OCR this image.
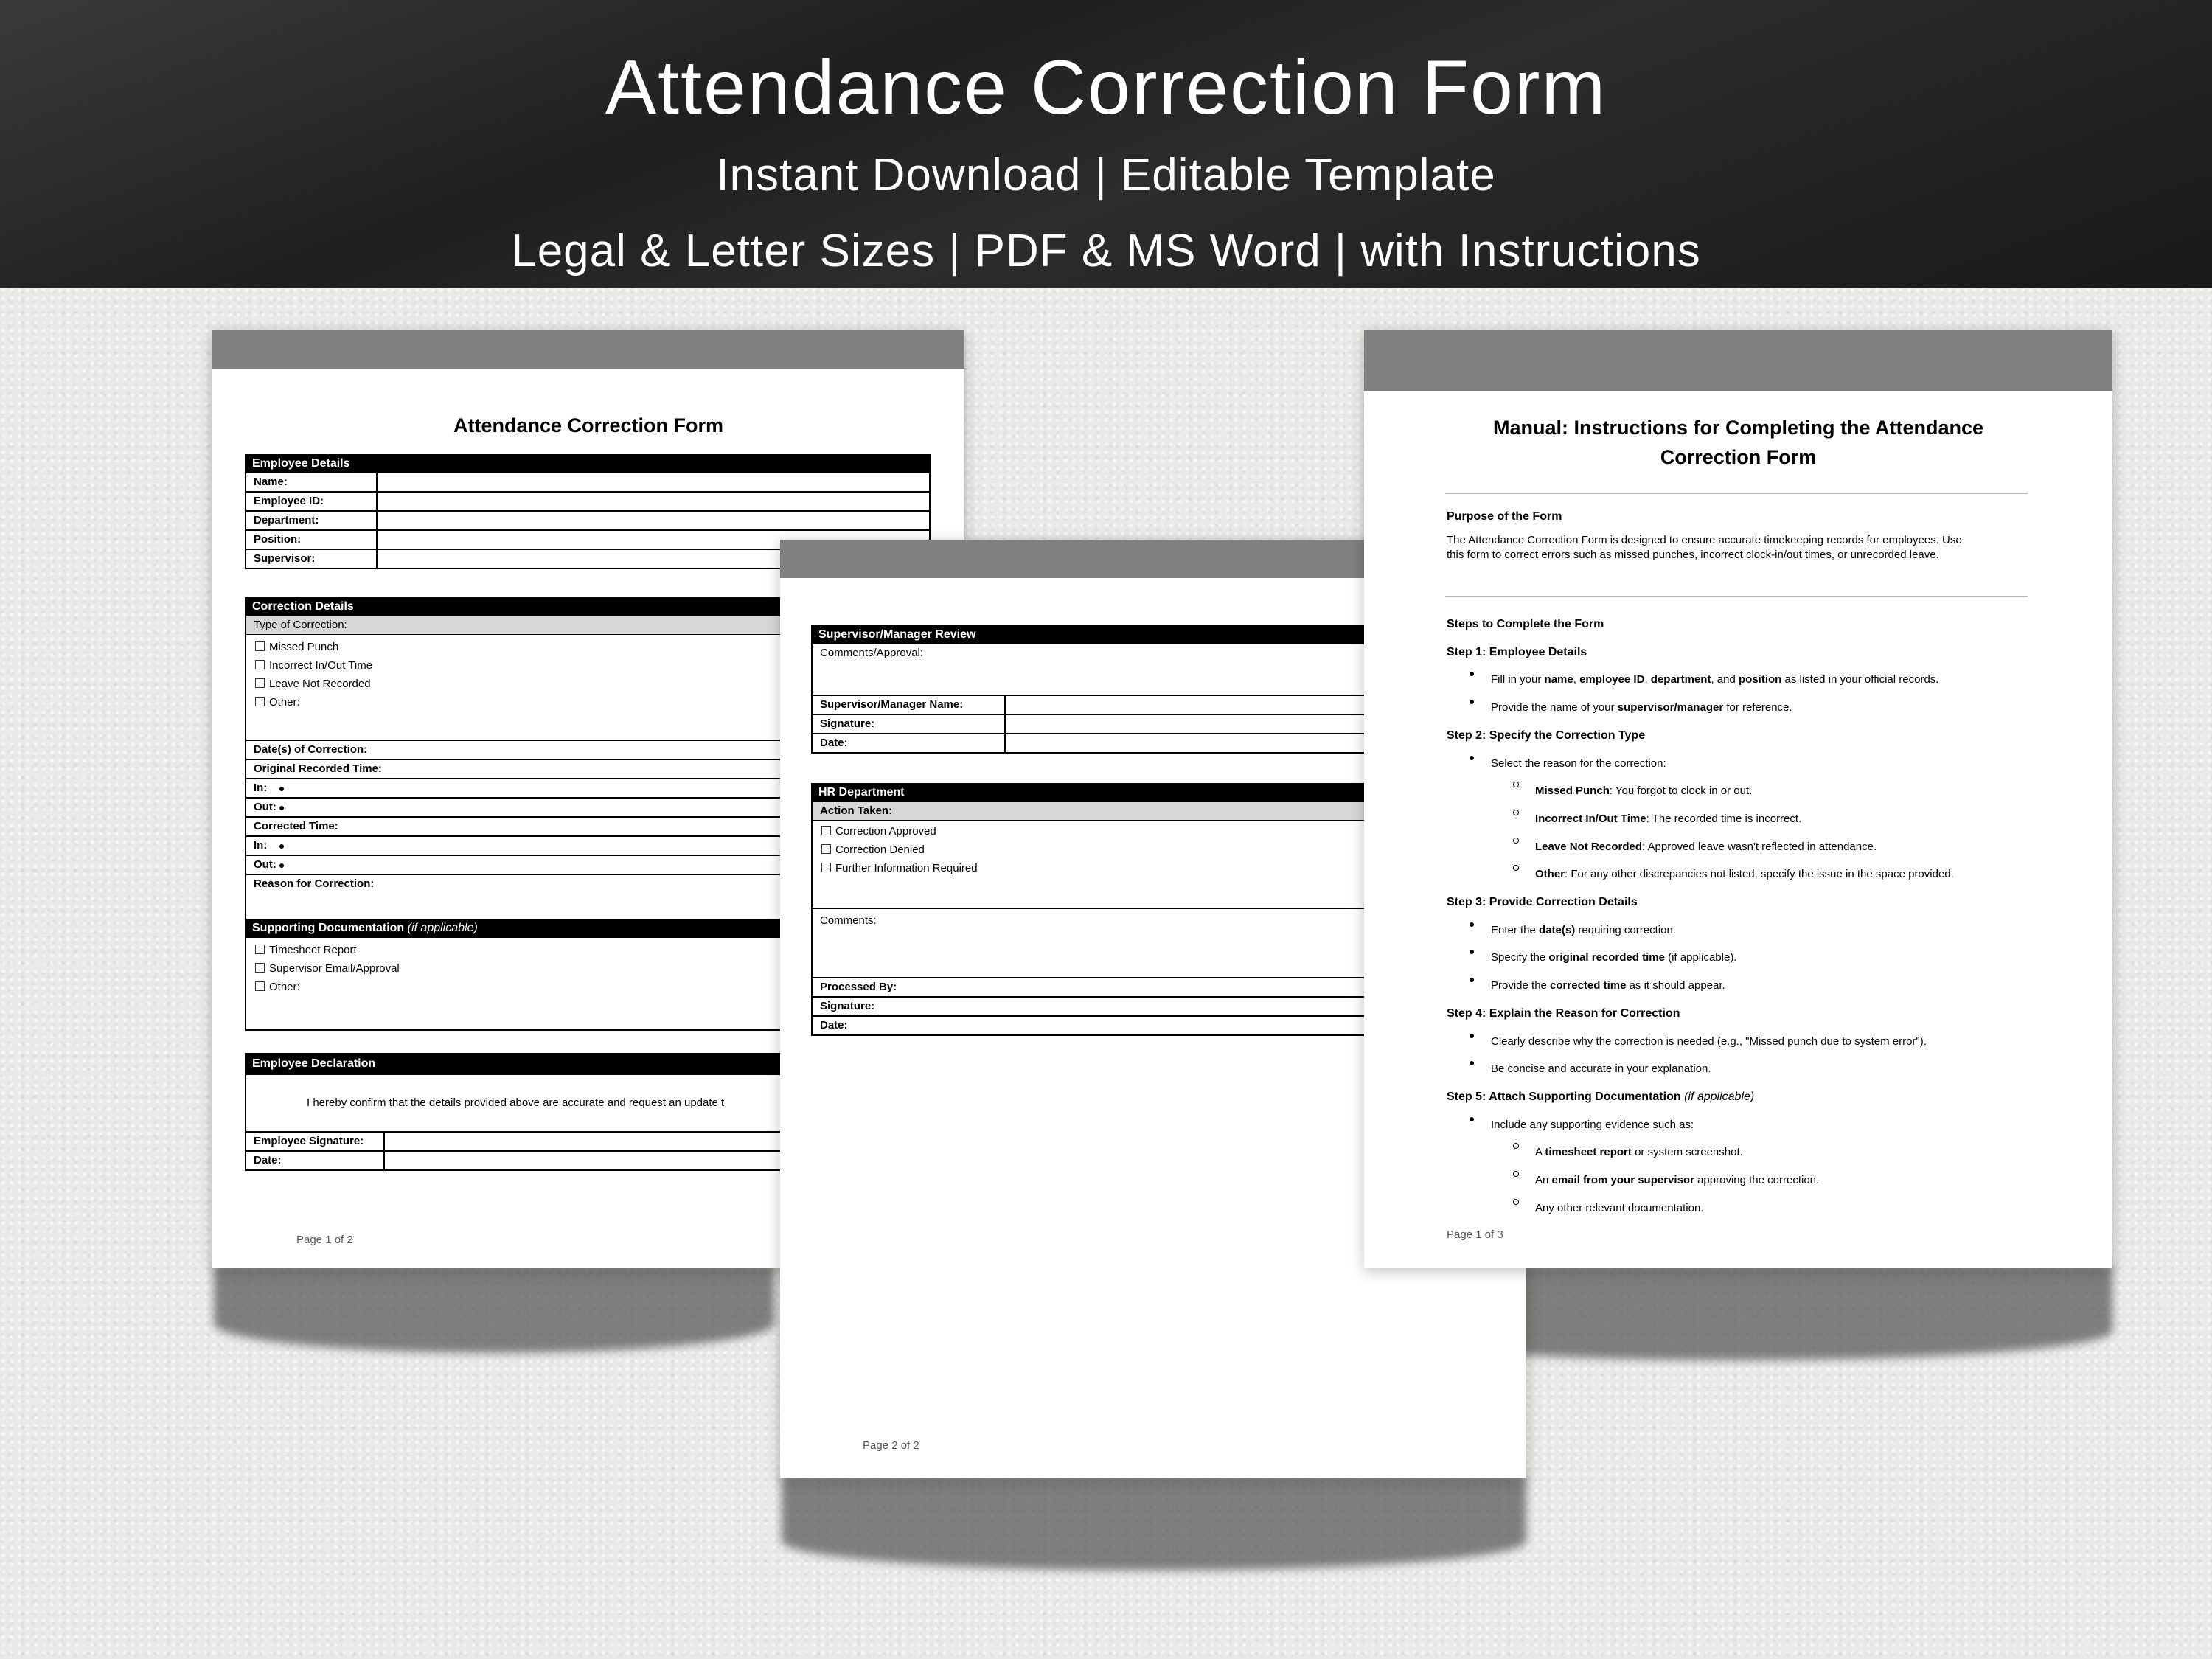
Attendance Correction Form
Instant Download | Editable Template
Legal & Letter Sizes | PDF & MS Word | with Instructions
Attendance Correction Form
Employee Details
Name:
Employee ID:
Department:
Position:
Supervisor:
Correction Details
Type of Correction:
Missed Punch
Incorrect In/Out Time
Leave Not Recorded
Other:
Date(s) of Correction:
Original Recorded Time:
In:
Out:
Corrected Time:
In:
Out:
Reason for Correction:
Supporting Documentation (if applicable)
Timesheet Report
Supervisor Email/Approval
Other:
Employee Declaration
I hereby confirm that the details provided above are accurate and request an update t
Employee Signature:
Date:
Page 1 of 2
Supervisor/Manager Review
Comments/Approval:
Supervisor/Manager Name:
Signature:
Date:
HR Department
Action Taken:
Correction Approved
Correction Denied
Further Information Required
Comments:
Processed By:
Signature:
Date:
Page 2 of 2
Manual: Instructions for Completing the Attendance
Correction Form
Purpose of the Form
The Attendance Correction Form is designed to ensure accurate timekeeping records for employees. Use
this form to correct errors such as missed punches, incorrect clock-in/out times, or unrecorded leave.
Steps to Complete the Form
Step 1: Employee Details
Fill in your name, employee ID, department, and position as listed in your official records.
Provide the name of your supervisor/manager for reference.
Step 2: Specify the Correction Type
Select the reason for the correction:
Missed Punch: You forgot to clock in or out.
Incorrect In/Out Time: The recorded time is incorrect.
Leave Not Recorded: Approved leave wasn't reflected in attendance.
Other: For any other discrepancies not listed, specify the issue in the space provided.
Step 3: Provide Correction Details
Enter the date(s) requiring correction.
Specify the original recorded time (if applicable).
Provide the corrected time as it should appear.
Step 4: Explain the Reason for Correction
Clearly describe why the correction is needed (e.g., "Missed punch due to system error").
Be concise and accurate in your explanation.
Step 5: Attach Supporting Documentation (if applicable)
Include any supporting evidence such as:
A timesheet report or system screenshot.
An email from your supervisor approving the correction.
Any other relevant documentation.
Page 1 of 3
